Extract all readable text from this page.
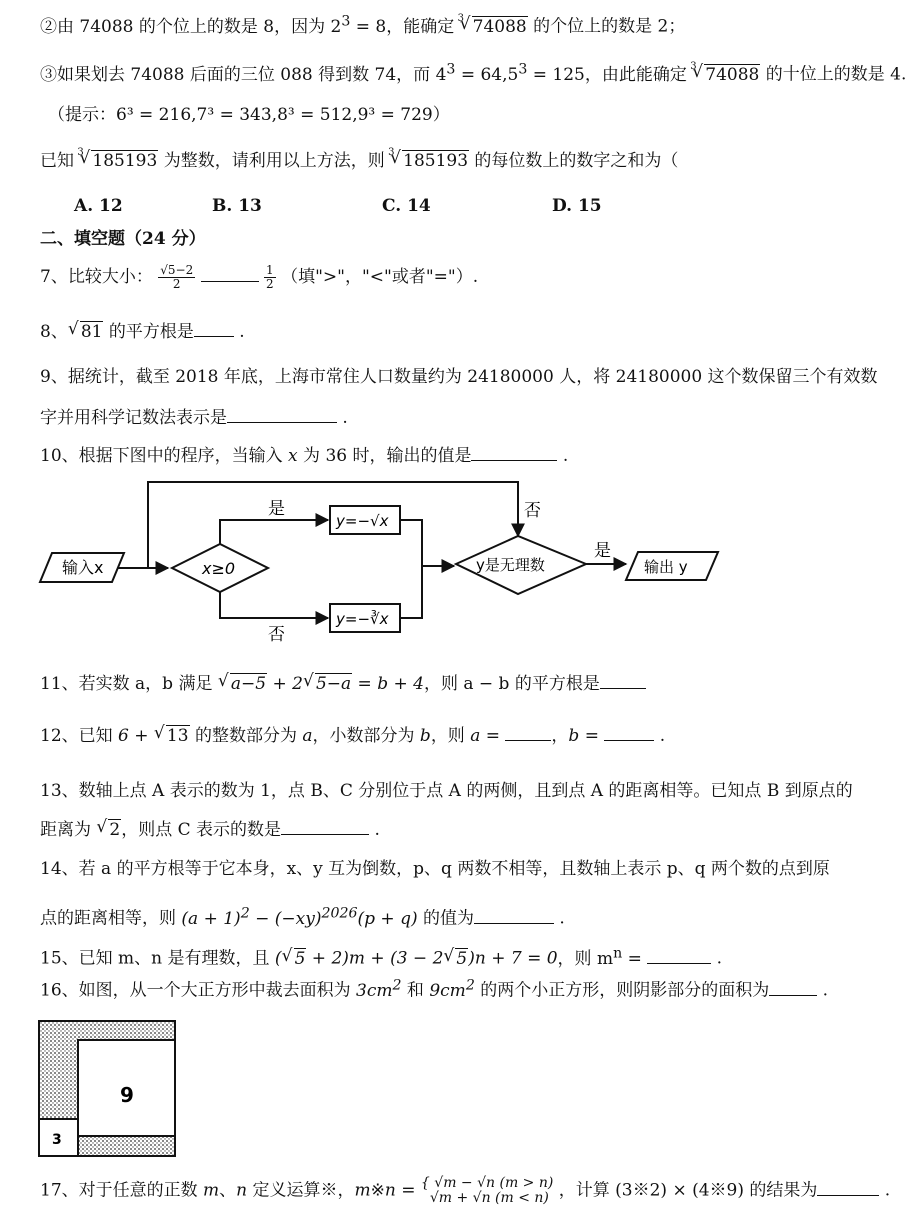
②由 74088 的个位上的数是 8，因为 $2^3 = 8$，能确定
√ 3 74088 的个位上的数是 2；
③如果划去 74088 后面的三位 088 得到数 74，而 $4^3 = 64,5^3 = 125$，由此能确定
√ 3 74088 的十位上的数是 4.
（提示：6³ = 216,7³ = 343,8³ = 512,9³ = 729）
已知
√ 3 185193 为整数，请利用以上方法，则
√ 3 185193 的每位数上的数字之和为（
A. 12	B. 13	C. 14	D. 15
二、填空题（24 分）
7、比较大小： $\frac{√5-2}{2}$
	$\frac{1}{2}$ （填">"，"<"或者"="）.
8、 √ 81 的平方根是 .
9、据统计，截至 2018 年底，上海市常住人口数量约为 24180000 人，将 24180000 这个数保留三个有效数
字并用科学记数法表示是	.
10、根据下图中的程序，当输入 x 为 36 时，输出的值是	.
输入x
否
x≥0
是
否
y=−√x
y=−∛x
y是无理数
是
输出 y
11、若实数 a，b 满足 √ a−5 + 2 √ 5−a = b + 4，则 a − b 的平方根是
12、已知 6 + √ 13 的整数部分为 a，小数部分为 b，则 a =	，b =	.
13、数轴上点 A 表示的数为 1，点 B、C 分别位于点 A 的两侧，且到点 A 的距离相等。已知点 B 到原点的
距离为 √ 2，则点 C 表示的数是	.
14、若 a 的平方根等于它本身，x、y 互为倒数，p、q 两数不相等，且数轴上表示 p、q 两个数的点到原
点的距离相等，则 $(a + 1)^2 - (-xy)^{2026}(p + q)$ 的值为	.
15、已知 m、n 是有理数，且 ( √ 5 + 2)m + (3 − 2 √ 5)n + 7 = 0，则 $m^n$ =	.
16、如图，从一个大正方形中裁去面积为 $3cm^2$ 和 $9cm^2$ 的两个小正方形，则阴影部分的面积为	.
9
3
17、对于任意的正数 m、n 定义运算※，m※n = { √m − √n (m > n)
√m + √n (m < n) ，计算 (3※2) × (4※9) 的结果为	.
